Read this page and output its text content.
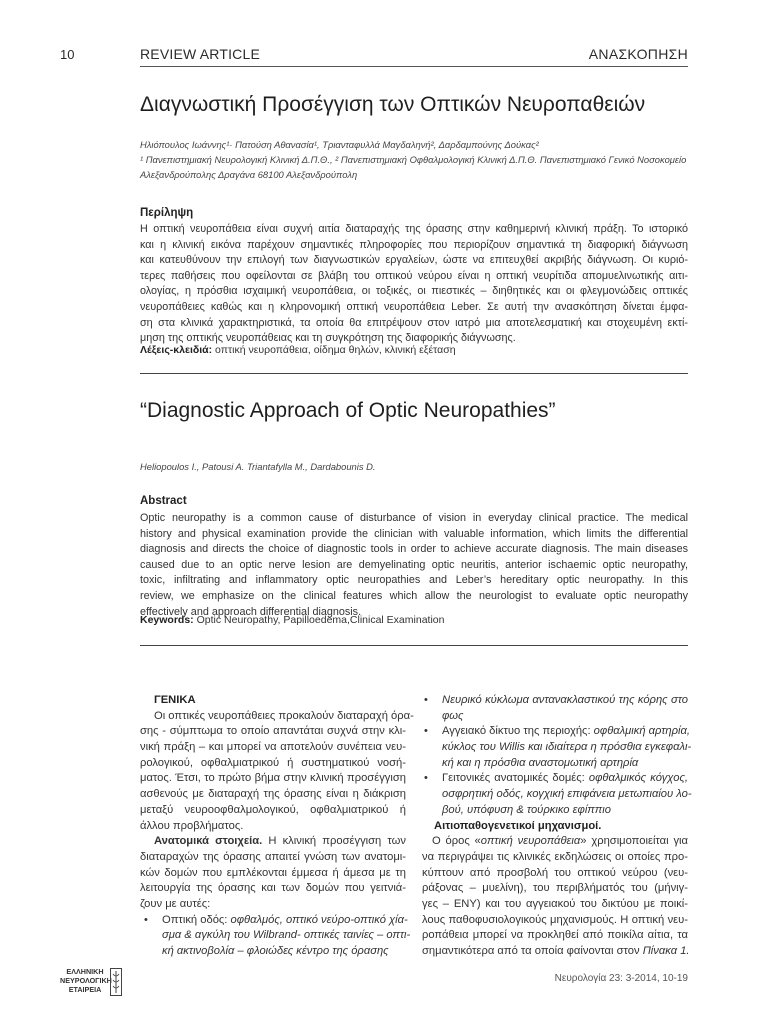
10	REVIEW ARTICLE	ΑΝΑΣΚΟΠΗΣΗ
Διαγνωστική Προσέγγιση των Οπτικών Νευροπαθειών
Ηλιόπουλος Ιωάννης¹· Πατούση Αθανασία¹, Τριανταφυλλά Μαγδαληνή², Δαρδαμπούνης Δούκας²
¹ Πανεπιστημιακή Νευρολογική Κλινική Δ.Π.Θ., ² Πανεπιστημιακή Οφθαλμολογική Κλινική Δ.Π.Θ. Πανεπιστημιακό Γενικό Νοσοκομείο
Αλεξανδρούπολης Δραγάνα 68100 Αλεξανδρούπολη
Περίληψη
Η οπτική νευροπάθεια είναι συχνή αιτία διαταραχής της όρασης στην καθημερινή κλινική πράξη. Το ιστορικό
και η κλινική εικόνα παρέχουν σημαντικές πληροφορίες που περιορίζουν σημαντικά τη διαφορική διάγνωση
και κατευθύνουν την επιλογή των διαγνωστικών εργαλείων, ώστε να επιτευχθεί ακριβής διάγνωση. Οι κυριό-
τερες παθήσεις που οφείλονται σε βλάβη του οπτικού νεύρου είναι η οπτική νευρίτιδα απομυελινωτικής αιτι-
ολογίας, η πρόσθια ισχαιμική νευροπάθεια, οι τοξικές, οι πιεστικές – διηθητικές και οι φλεγμονώδεις οπτικές
νευροπάθειες καθώς και η κληρονομική οπτική νευροπάθεια Leber. Σε αυτή την ανασκόπηση δίνεται έμφα-
ση στα κλινικά χαρακτηριστικά, τα οποία θα επιτρέψουν στον ιατρό μια αποτελεσματική και στοχευμένη εκτί-
μηση της οπτικής νευροπάθειας και τη συγκρότηση της διαφορικής διάγνωσης.
Λέξεις-κλειδιά: οπτική νευροπάθεια, οίδημα θηλών, κλινική εξέταση
“Diagnostic Approach of Optic Neuropathies”
Heliopoulos I., Patousi A. Triantafylla M., Dardabounis D.
Abstract
Optic neuropathy is a common cause of disturbance of vision in everyday clinical practice. The medical
history and physical examination provide the clinician with valuable information, which limits the differential
diagnosis and directs the choice of diagnostic tools in order to achieve accurate diagnosis. The main diseases
caused due to an optic nerve lesion are demyelinating optic neuritis, anterior ischaemic optic neuropathy,
toxic, infiltrating and inflammatory optic neuropathies and Leber’s hereditary optic neuropathy. In this
review, we emphasize on the clinical features which allow the neurologist to evaluate optic neuropathy
effectively and approach differential diagnosis.
Keywords: Optic Neuropathy, Papilloedema,Clinical Examination
ΓΕΝΙΚΑ
Οι οπτικές νευροπάθειες προκαλούν διαταραχή όρα-
σης - σύμπτωμα το οποίο απαντάται συχνά στην κλι-
νική πράξη – και μπορεί να αποτελούν συνέπεια νευ-
ρολογικού, οφθαλμιατρικού ή συστηματικού νοσή-
ματος. Έτσι, το πρώτο βήμα στην κλινική προσέγγιση
ασθενούς με διαταραχή της όρασης είναι η διάκριση
μεταξύ νευροοφθαλμολογικού, οφθαλμιατρικού ή
άλλου προβλήματος.
Ανατομικά στοιχεία. Η κλινική προσέγγιση των
διαταραχών της όρασης απαιτεί γνώση των ανατομι-
κών δομών που εμπλέκονται έμμεσα ή άμεσα με τη
λειτουργία της όρασης και των δομών που γειτνιά-
ζουν με αυτές:
• Οπτική οδός: οφθαλμός, οπτικό νεύρο-οπτικό χία-
σμα & αγκύλη του Wilbrand- οπτικές ταινίες – οπτι-
κή ακτινοβολία – φλοιώδες κέντρο της όρασης
• Νευρικό κύκλωμα αντανακλαστικού της κόρης στο
φως
• Αγγειακό δίκτυο της περιοχής: οφθαλμική αρτηρία,
κύκλος του Willis και ιδιαίτερα η πρόσθια εγκεφαλι-
κή και η πρόσθια αναστομωτική αρτηρία
• Γειτονικές ανατομικές δομές: οφθαλμικός κόγχος,
οσφρητική οδός, κογχική επιφάνεια μετωπιαίου λο-
βού, υπόφυση & τούρκικο εφίππιο
Αιτιοπαθογενετικοί μηχανισμοί.
Ο όρος «οπτική νευροπάθεια» χρησιμοποιείται για
να περιγράψει τις κλινικές εκδηλώσεις οι οποίες προ-
κύπτουν από προσβολή του οπτικού νεύρου (νευ-
ράξονας – μυελίνη), του περιβλήματός του (μήνιγ-
γες – ΕΝΥ) και του αγγειακού του δικτύου με ποικί-
λους παθοφυσιολογικούς μηχανισμούς. Η οπτική νευ-
ροπάθεια μπορεί να προκληθεί από ποικίλα αίτια, τα
σημαντικότερα από τα οποία φαίνονται στον Πίνακα 1.
ΕΛΛΗΝΙΚΗ
ΝΕΥΡΟΛΟΓΙΚΗ
ΕΤΑΙΡΕΙΑ
Νευρολογία 23: 3-2014, 10-19
